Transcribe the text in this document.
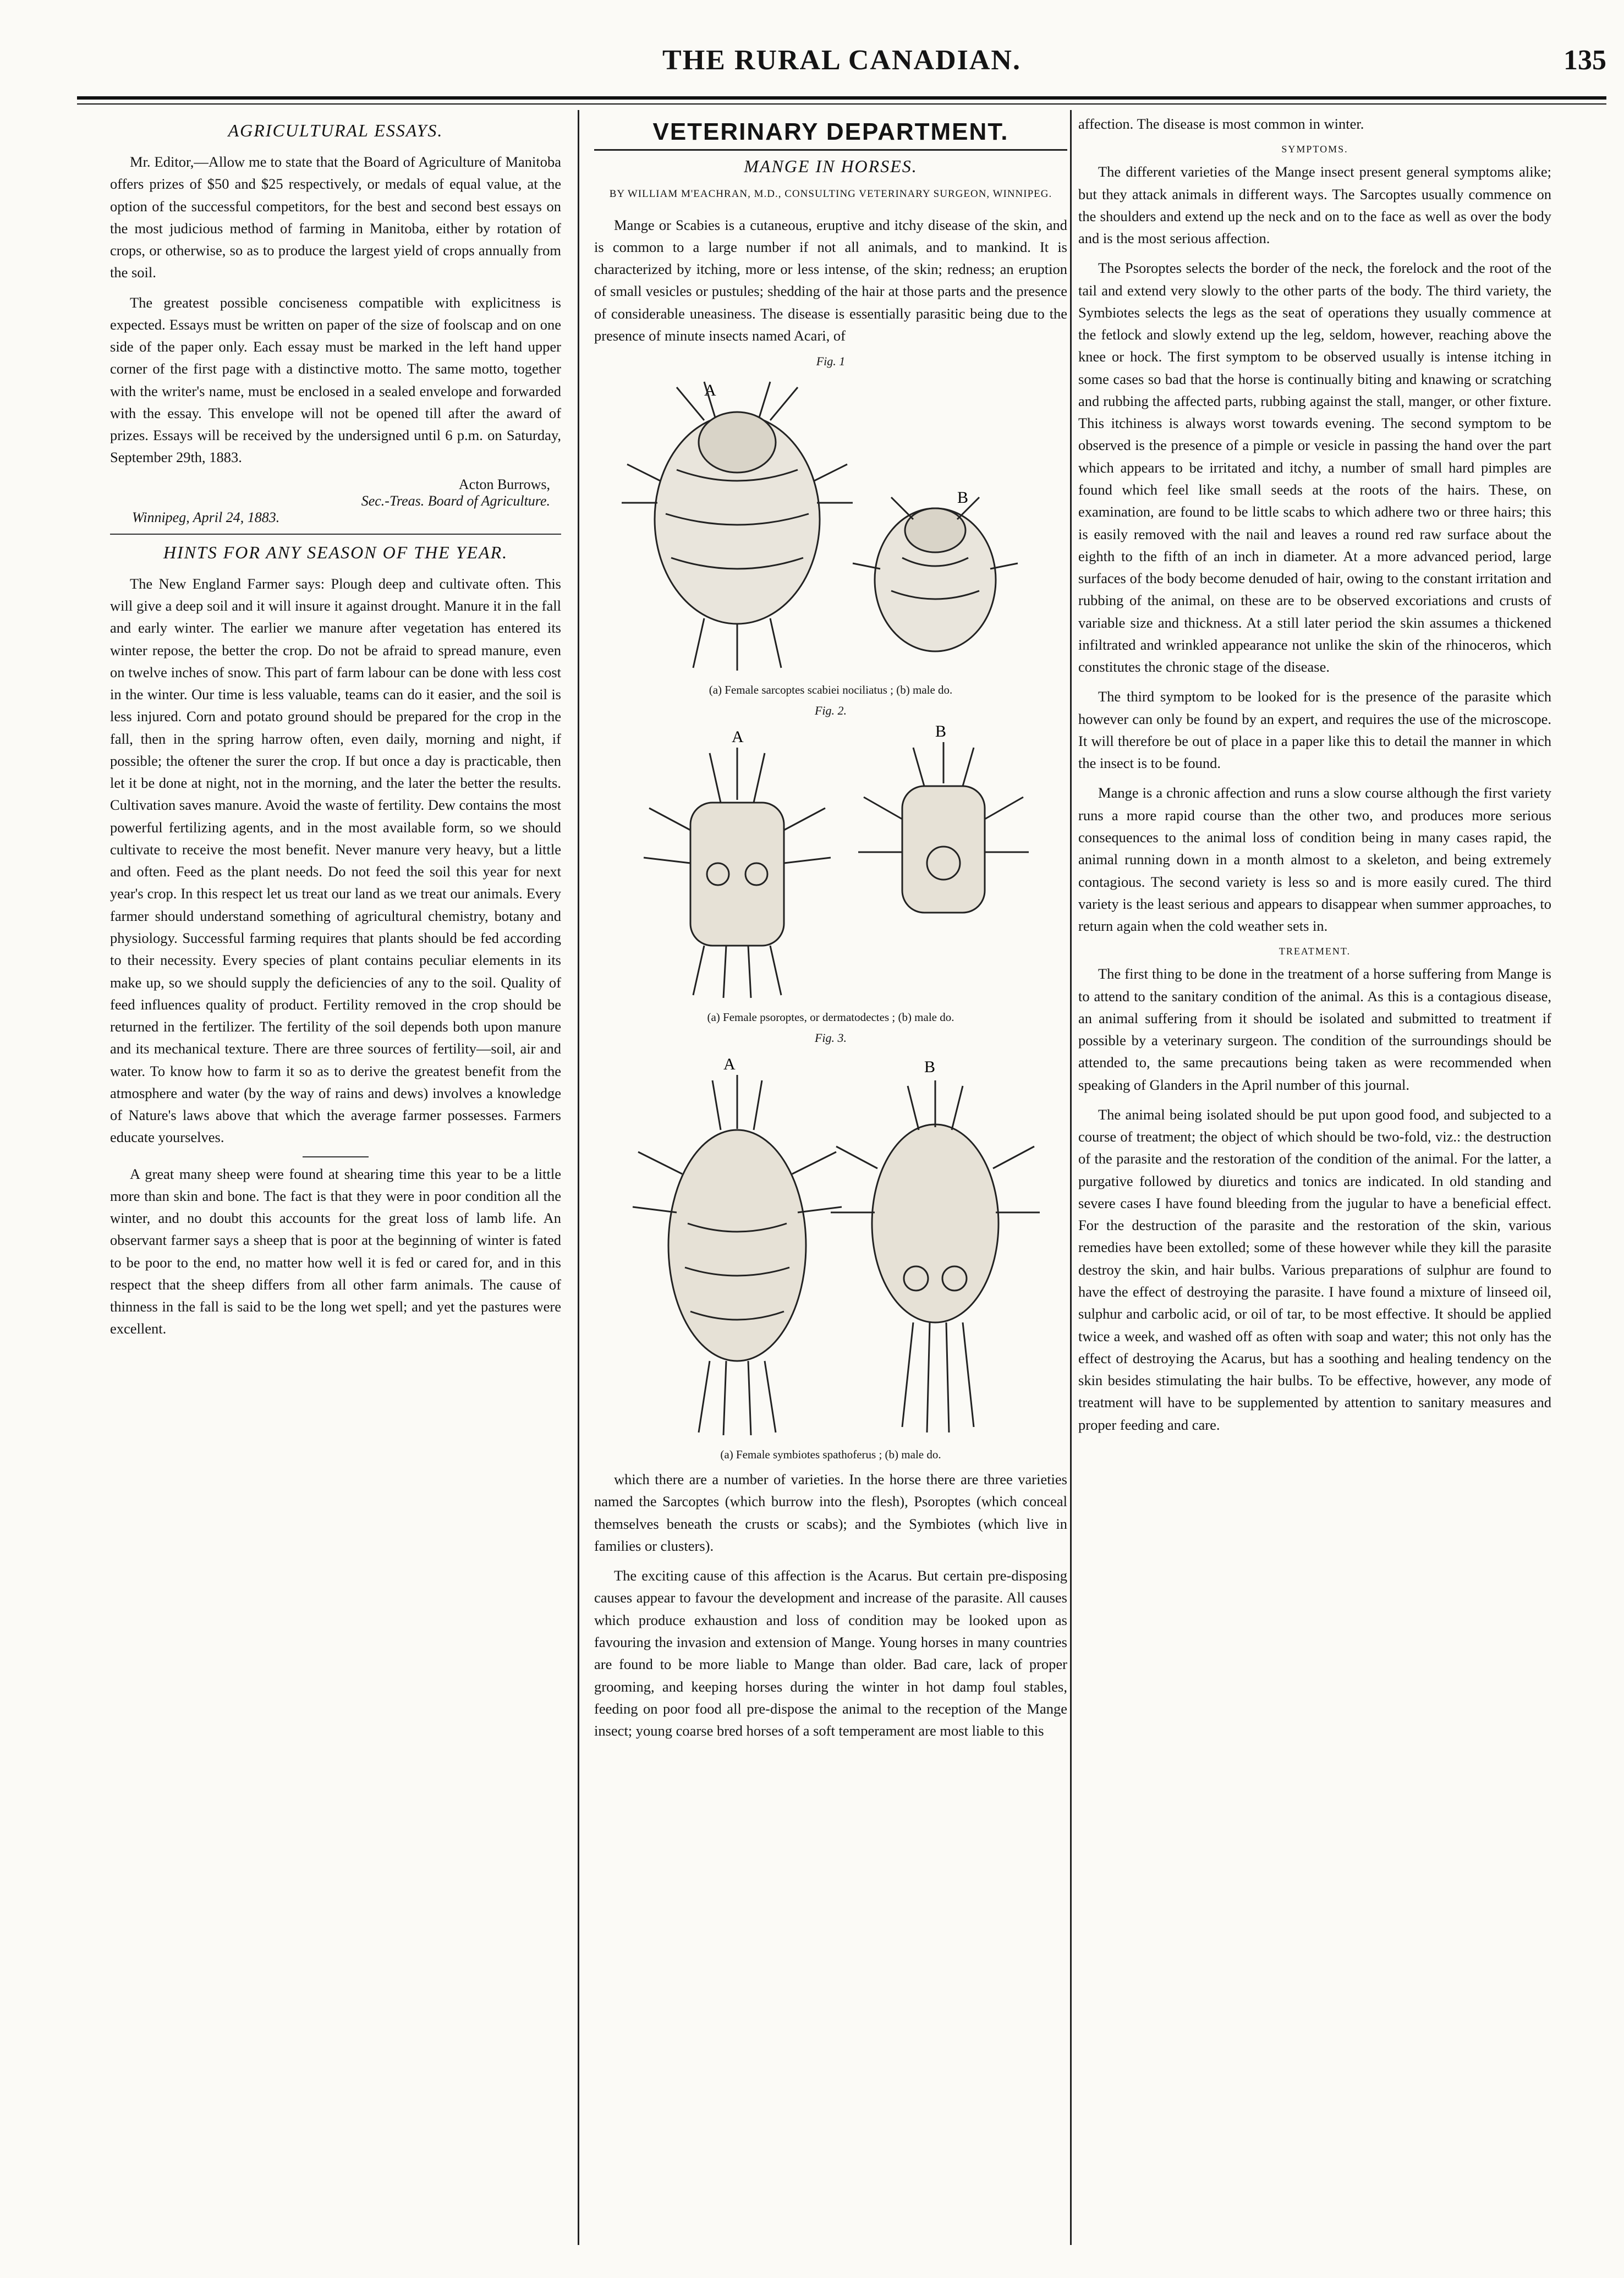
THE RURAL CANADIAN.	135
AGRICULTURAL ESSAYS.

Mr. Editor,—Allow me to state that the Board of Agriculture of Manitoba offers prizes of $50 and $25 respectively, or medals of equal value, at the option of the successful competitors, for the best and second best essays on the most judicious method of farming in Manitoba, either by rotation of crops, or otherwise, so as to produce the largest yield of crops annually from the soil.

The greatest possible conciseness compatible with explicitness is expected. Essays must be written on paper of the size of foolscap and on one side of the paper only. Each essay must be marked in the left hand upper corner of the first page with a distinctive motto. The same motto, together with the writer's name, must be enclosed in a sealed envelope and forwarded with the essay. This envelope will not be opened till after the award of prizes. Essays will be received by the undersigned until 6 p.m. on Saturday, September 29th, 1883.

Acton Burrows,
Sec.-Treas. Board of Agriculture.
Winnipeg, April 24, 1883.
HINTS FOR ANY SEASON OF THE YEAR.

The New England Farmer says: Plough deep and cultivate often. This will give a deep soil and it will insure it against drought. Manure it in the fall and early winter. The earlier we manure after vegetation has entered its winter repose, the better the crop. Do not be afraid to spread manure, even on twelve inches of snow. This part of farm labour can be done with less cost in the winter. Our time is less valuable, teams can do it easier, and the soil is less injured. Corn and potato ground should be prepared for the crop in the fall, then in the spring harrow often, even daily, morning and night, if possible; the oftener the surer the crop. If but once a day is practicable, then let it be done at night, not in the morning, and the later the better the results. Cultivation saves manure. Avoid the waste of fertility. Dew contains the most powerful fertilizing agents, and in the most available form, so we should cultivate to receive the most benefit. Never manure very heavy, but a little and often. Feed as the plant needs. Do not feed the soil this year for next year's crop. In this respect let us treat our land as we treat our animals. Every farmer should understand something of agricultural chemistry, botany and physiology. Successful farming requires that plants should be fed according to their necessity. Every species of plant contains peculiar elements in its make up, so we should supply the deficiencies of any to the soil. Quality of feed influences quality of product. Fertility removed in the crop should be returned in the fertilizer. The fertility of the soil depends both upon manure and its mechanical texture. There are three sources of fertility—soil, air and water. To know how to farm it so as to derive the greatest benefit from the atmosphere and water (by the way of rains and dews) involves a knowledge of Nature's laws above that which the average farmer possesses. Farmers educate yourselves.

A great many sheep were found at shearing time this year to be a little more than skin and bone. The fact is that they were in poor condition all the winter, and no doubt this accounts for the great loss of lamb life. An observant farmer says a sheep that is poor at the beginning of winter is fated to be poor to the end, no matter how well it is fed or cared for, and in this respect that the sheep differs from all other farm animals. The cause of thinness in the fall is said to be the long wet spell; and yet the pastures were excellent.

VETERINARY DEPARTMENT.
MANGE IN HORSES.
BY WILLIAM M'EACHRAN, M.D., CONSULTING VETERINARY SURGEON, WINNIPEG.

Mange or Scabies is a cutaneous, eruptive and itchy disease of the skin, and is common to a large number if not all animals, and to mankind. It is characterized by itching, more or less intense, of the skin; redness; an eruption of small vesicles or pustules; shedding of the hair at those parts and the presence of considerable uneasiness. The disease is essentially parasitic being due to the presence of minute insects named Acari, of

Fig. 1
A
B
(a) Female sarcoptes scabiei nociliatus ; (b) male do.
Fig. 2.
A	B
(a) Female psoroptes, or dermatodectes ; (b) male do.
Fig. 3.
A	B
(a) Female symbiotes spathoferus ; (b) male do.

which there are a number of varieties. In the horse there are three varieties named the Sarcoptes (which burrow into the flesh), Psoroptes (which conceal themselves beneath the crusts or scabs); and the Symbiotes (which live in families or clusters).

The exciting cause of this affection is the Acarus. But certain pre-disposing causes appear to favour the development and increase of the parasite. All causes which produce exhaustion and loss of condition may be looked upon as favouring the invasion and extension of Mange. Young horses in many countries are found to be more liable to Mange than older. Bad care, lack of proper grooming, and keeping horses during the winter in hot damp foul stables, feeding on poor food all pre-dispose the animal to the reception of the Mange insect; young coarse bred horses of a soft temperament are most liable to this

affection. The disease is most common in winter.

SYMPTOMS.

The different varieties of the Mange insect present general symptoms alike; but they attack animals in different ways. The Sarcoptes usually commence on the shoulders and extend up the neck and on to the face as well as over the body and is the most serious affection.

The Psoroptes selects the border of the neck, the forelock and the root of the tail and extend very slowly to the other parts of the body. The third variety, the Symbiotes selects the legs as the seat of operations they usually commence at the fetlock and slowly extend up the leg, seldom, however, reaching above the knee or hock. The first symptom to be observed usually is intense itching in some cases so bad that the horse is continually biting and knawing or scratching and rubbing the affected parts, rubbing against the stall, manger, or other fixture. This itchiness is always worst towards evening. The second symptom to be observed is the presence of a pimple or vesicle in passing the hand over the part which appears to be irritated and itchy, a number of small hard pimples are found which feel like small seeds at the roots of the hairs. These, on examination, are found to be little scabs to which adhere two or three hairs; this is easily removed with the nail and leaves a round red raw surface about the eighth to the fifth of an inch in diameter. At a more advanced period, large surfaces of the body become denuded of hair, owing to the constant irritation and rubbing of the animal, on these are to be observed excoriations and crusts of variable size and thickness. At a still later period the skin assumes a thickened infiltrated and wrinkled appearance not unlike the skin of the rhinoceros, which constitutes the chronic stage of the disease.

The third symptom to be looked for is the presence of the parasite which however can only be found by an expert, and requires the use of the microscope. It will therefore be out of place in a paper like this to detail the manner in which the insect is to be found.

Mange is a chronic affection and runs a slow course although the first variety runs a more rapid course than the other two, and produces more serious consequences to the animal loss of condition being in many cases rapid, the animal running down in a month almost to a skeleton, and being extremely contagious. The second variety is less so and is more easily cured. The third variety is the least serious and appears to disappear when summer approaches, to return again when the cold weather sets in.

TREATMENT.

The first thing to be done in the treatment of a horse suffering from Mange is to attend to the sanitary condition of the animal. As this is a contagious disease, an animal suffering from it should be isolated and submitted to treatment if possible by a veterinary surgeon. The condition of the surroundings should be attended to, the same precautions being taken as were recommended when speaking of Glanders in the April number of this journal.

The animal being isolated should be put upon good food, and subjected to a course of treatment; the object of which should be two-fold, viz.: the destruction of the parasite and the restoration of the condition of the animal. For the latter, a purgative followed by diuretics and tonics are indicated. In old standing and severe cases I have found bleeding from the jugular to have a beneficial effect. For the destruction of the parasite and the restoration of the skin, various remedies have been extolled; some of these however while they kill the parasite destroy the skin, and hair bulbs. Various preparations of sulphur are found to have the effect of destroying the parasite. I have found a mixture of linseed oil, sulphur and carbolic acid, or oil of tar, to be most effective. It should be applied twice a week, and washed off as often with soap and water; this not only has the effect of destroying the Acarus, but has a soothing and healing tendency on the skin besides stimulating the hair bulbs. To be effective, however, any mode of treatment will have to be supplemented by attention to sanitary measures and proper feeding and care.
